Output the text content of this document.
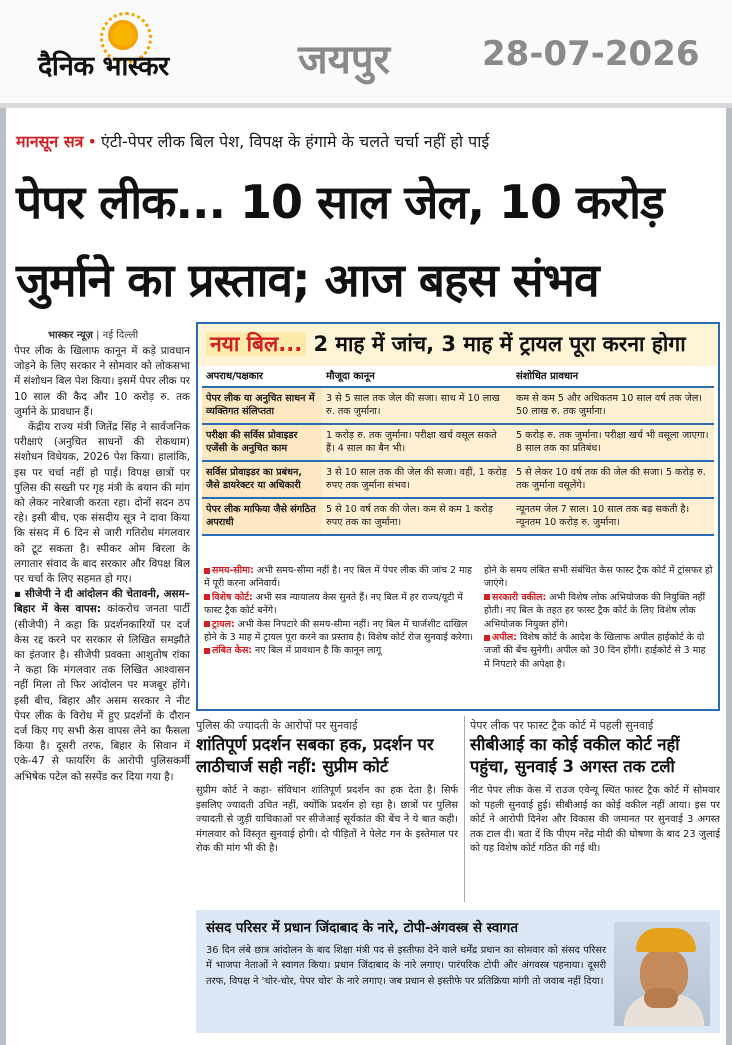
दैनिक भास्कर	जयपुर	28-07-2026
मानसून सत्र • एंटी-पेपर लीक बिल पेश, विपक्ष के हंगामे के चलते चर्चा नहीं हो पाई
पेपर लीक... 10 साल जेल, 10 करोड़
जुर्माने का प्रस्ताव; आज बहस संभव
भास्कर न्यूज़ | नई दिल्ली

पेपर लीक के खिलाफ कानून में कड़े प्रावधान जोड़ने के लिए सरकार ने सोमवार को लोकसभा में संशोधन बिल पेश किया। इसमें पेपर लीक पर 10 साल की कैद और 10 करोड़ रु. तक जुर्माने के प्रावधान हैं।

केंद्रीय राज्य मंत्री जितेंद्र सिंह ने सार्वजनिक परीक्षाएं (अनुचित साधनों की रोकथाम) संशोधन विधेयक, 2026 पेश किया। हालांकि, इस पर चर्चा नहीं हो पाई। विपक्ष छात्रों पर पुलिस की सख्ती पर गृह मंत्री के बयान की मांग को लेकर नारेबाजी करता रहा। दोनों सदन ठप रहे। इसी बीच, एक संसदीय सूत्र ने दावा किया कि संसद में 6 दिन से जारी गतिरोध मंगलवार को टूट सकता है। स्पीकर ओम बिरला के लगातार संवाद के बाद सरकार और विपक्ष बिल पर चर्चा के लिए सहमत हो गए।

▪ सीजेपी ने दी आंदोलन की चेतावनी, असम–बिहार में केस वापस: कांकरोच जनता पार्टी (सीजेपी) ने कहा कि प्रदर्शनकारियों पर दर्ज केस रद्द करने पर सरकार से लिखित समझौते का इंतजार है। सीजेपी प्रवक्ता आशुतोष रांका ने कहा कि मंगलवार तक लिखित आश्वासन नहीं मिला तो फिर आंदोलन पर मजबूर होंगे। इसी बीच, बिहार और असम सरकार ने नीट पेपर लीक के विरोध में हुए प्रदर्शनों के दौरान दर्ज किए गए सभी केस वापस लेने का फैसला किया है। दूसरी तरफ, बिहार के सिवान में एके-47 से फायरिंग के आरोपी पुलिसकर्मी अभिषेक पटेल को सस्पेंड कर दिया गया है।

नया बिल... 2 माह में जांच, 3 माह में ट्रायल पूरा करना होगा
अपराध/पक्षकार	मौजूदा कानून	संशोधित प्रावधान
पेपर लीक या अनुचित साधन में व्यक्तिगत संलिप्तता	3 से 5 साल तक जेल की सजा। साथ में 10 लाख रु. तक जुर्माना।	कम से कम 5 और अधिकतम 10 साल वर्ष तक जेल। 50 लाख रु. तक जुर्माना।
परीक्षा की सर्विस प्रोवाइडर एजेंसी के अनुचित काम	1 करोड़ रु. तक जुर्माना। परीक्षा खर्च वसूल सकते हैं। 4 साल का बैन भी।	5 करोड़ रु. तक जुर्माना। परीक्षा खर्च भी वसूला जाएगा। 8 साल तक का प्रतिबंध।
सर्विस प्रोवाइडर का प्रबंधन, जैसे डायरेक्टर या अधिकारी	3 से 10 साल तक की जेल की सजा। वहीं, 1 करोड़ रुपए तक जुर्माना संभव।	5 से लेकर 10 वर्ष तक की जेल की सजा। 5 करोड़ रु. तक जुर्माना वसूलेंगे।
पेपर लीक माफिया जैसे संगठित अपराधी	5 से 10 वर्ष तक की जेल। कम से कम 1 करोड़ रुपए तक का जुर्माना।	न्यूनतम जेल 7 साल। 10 साल तक बढ़ सकती है। न्यूनतम 10 करोड़ रु. जुर्माना।
समय-सीमा: अभी समय-सीमा नहीं है। नए बिल में पेपर लीक की जांच 2 माह में पूरी करना अनिवार्य।
विशेष कोर्ट: अभी सत्र न्यायालय केस सुनते हैं। नए बिल में हर राज्य/यूटी में फास्ट ट्रैक कोर्ट बनेंगे।
ट्रायल: अभी केस निपटारे की समय-सीमा नहीं। नए बिल में चार्जशीट दाखिल होने के 3 माह में ट्रायल पूरा करने का प्रस्ताव है। विशेष कोर्ट रोज सुनवाई करेगा।
लंबित केस: नए बिल में प्रावधान है कि कानून लागू
होने के समय लंबित सभी संबंधित केस फास्ट ट्रैक कोर्ट में ट्रांसफर हो जाएंगे।
सरकारी वकील: अभी विशेष लोक अभियोजक की नियुक्ति नहीं होती। नए बिल के तहत हर फास्ट ट्रैक कोर्ट के लिए विशेष लोक अभियोजक नियुक्त होंगे।
अपील: विशेष कोर्ट के आदेश के खिलाफ अपील हाईकोर्ट के दो जजों की बेंच सुनेगी। अपील को 30 दिन होंगी। हाईकोर्ट से 3 माह में निपटारे की अपेक्षा है।
पुलिस की ज्यादती के आरोपों पर सुनवाई
शांतिपूर्ण प्रदर्शन सबका हक, प्रदर्शन पर लाठीचार्ज सही नहीं: सुप्रीम कोर्ट
सुप्रीम कोर्ट ने कहा- संविधान शांतिपूर्ण प्रदर्शन का हक देता है। सिर्फ इसलिए ज्यादती उचित नहीं, क्योंकि प्रदर्शन हो रहा है। छात्रों पर पुलिस ज्यादती से जुड़ी याचिकाओं पर सीजेआई सूर्यकांत की बेंच ने ये बात कही। मंगलवार को विस्तृत सुनवाई होगी। दो पीड़ितों ने पेलेट गन के इस्तेमाल पर रोक की मांग भी की है।
पेपर लीक पर फास्ट ट्रैक कोर्ट में पहली सुनवाई
सीबीआई का कोई वकील कोर्ट नहीं पहुंचा, सुनवाई 3 अगस्त तक टली
नीट पेपर लीक केस में राउज एवेन्यू स्थित फास्ट ट्रैक कोर्ट में सोमवार को पहली सुनवाई हुई। सीबीआई का कोई वकील नहीं आया। इस पर कोर्ट ने आरोपी दिनेश और विकास की जमानत पर सुनवाई 3 अगस्त तक टाल दी। बता दें कि पीएम नरेंद्र मोदी की घोषणा के बाद 23 जुलाई को यह विशेष कोर्ट गठित की गई थी।
संसद परिसर में प्रधान जिंदाबाद के नारे, टोपी-अंगवस्त्र से स्वागत
36 दिन लंबे छात्र आंदोलन के बाद शिक्षा मंत्री पद से इस्तीफा देने वाले धर्मेंद्र प्रधान का सोमवार को संसद परिसर में भाजपा नेताओं ने स्वागत किया। प्रधान जिंदाबाद के नारे लगाए। पारंपरिक टोपी और अंगवस्त्र पहनाया। दूसरी तरफ, विपक्ष ने 'चोर-चोर, पेपर चोर' के नारे लगाए। जब प्रधान से इस्तीफे पर प्रतिक्रिया मांगी तो जवाब नहीं दिया।
